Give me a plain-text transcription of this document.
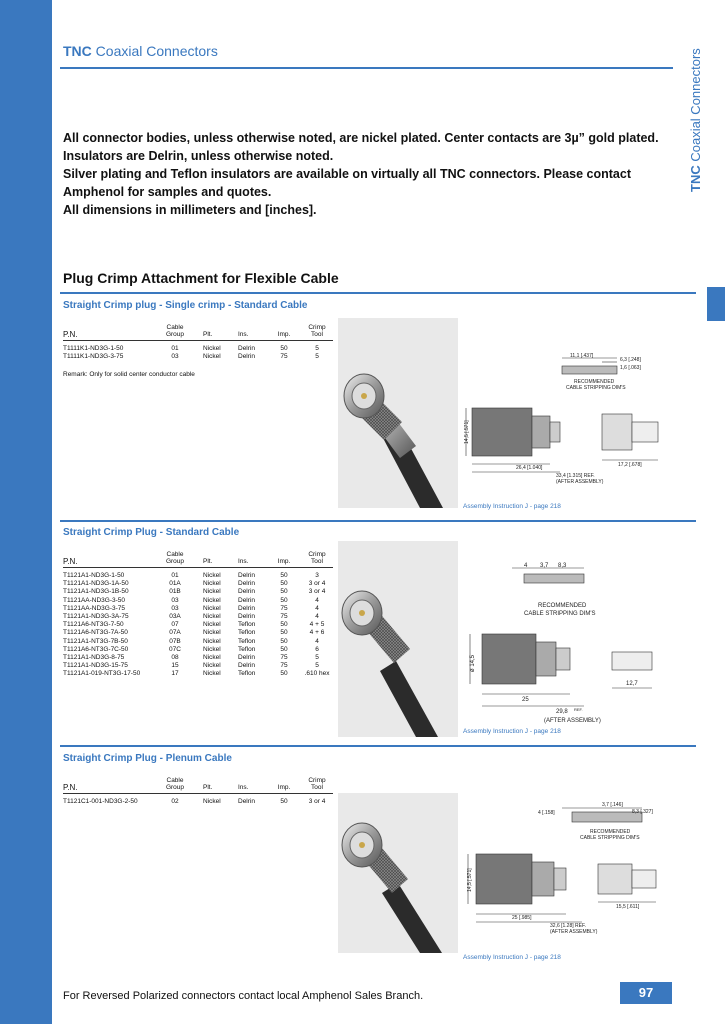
TNC Coaxial Connectors
TNC Coaxial Connectors
All connector bodies, unless otherwise noted, are nickel plated. Center contacts are 3µ” gold plated.
Insulators are Delrin, unless otherwise noted.
Silver plating and Teflon insulators are available on virtually all TNC connectors. Please contact
Amphenol for samples and quotes.
All dimensions in millimeters and [inches].
Plug Crimp Attachment for Flexible Cable
Straight Crimp plug - Single crimp - Standard Cable
P.N.
Cable
Group	Plt.	Ins.	Imp.
Crimp
Tool
T1111K1-ND3G-1-50	01	Nickel	Delrin	50	5
T1111K1-ND3G-3-75	03	Nickel	Delrin	75	5
Remark: Only for solid center conductor cable
Straight Crimp Plug - Standard Cable
P.N.
Cable
Group	Plt.	Ins.	Imp.
Crimp
Tool
T1121A1-ND3G-1-50	01	Nickel	Delrin	50	3
T1121A1-ND3G-1A-50	01A	Nickel	Delrin	50	3 or 4
T1121A1-ND3G-1B-50	01B	Nickel	Delrin	50	3 or 4
T1121AA-ND3G-3-50	03	Nickel	Delrin	50	4
T1121AA-ND3G-3-75	03	Nickel	Delrin	75	4
T1121A1-ND3G-3A-75	03A	Nickel	Delrin	75	4
T1121A6-NT3G-7-50	07	Nickel	Teflon	50	4 + 5
T1121A6-NT3G-7A-50	07A	Nickel	Teflon	50	4 + 6
T1121A1-NT3G-7B-50	07B	Nickel	Teflon	50	4
T1121A6-NT3G-7C-50	07C	Nickel	Teflon	50	6
T1121A1-ND3G-8-75	08	Nickel	Delrin	75	5
T1121A1-ND3G-15-75	15	Nickel	Delrin	75	5
T1121A1-019-NT3G-17-50	17	Nickel	Teflon	50	.610 hex
Straight Crimp Plug - Plenum Cable
P.N.
Cable
Group	Plt.	Ins.	Imp.
Crimp
Tool
T1121C1-001-ND3G-2-50	02	Nickel	Delrin	50	3 or 4
11,1 [.437]
6,3 [.248]
1,6 [.063]
RECOMMENDED
CABLE STRIPPING DIM'S
14,5 [.571]
26,4 [1.040]
33,4 [1.315] REF.
(AFTER ASSEMBLY)
17,2 [.678]
Assembly Instruction J - page 218
4 3,7 8,3
RECOMMENDED
CABLE STRIPPING DIM'S
ø 14,5
25
29,8 REF.
(AFTER ASSEMBLY)
12,7
Assembly Instruction J - page 218
4 [.158]
3,7 [.146]
8,3 [.327]
RECOMMENDED
CABLE STRIPPING DIM'S
14,5 [.571]
25 [.985]
32,6 [1.28] REF.
(AFTER ASSEMBLY)
15,5 [.611]
Assembly Instruction J - page 218
For Reversed Polarized connectors contact local Amphenol Sales Branch.	97
